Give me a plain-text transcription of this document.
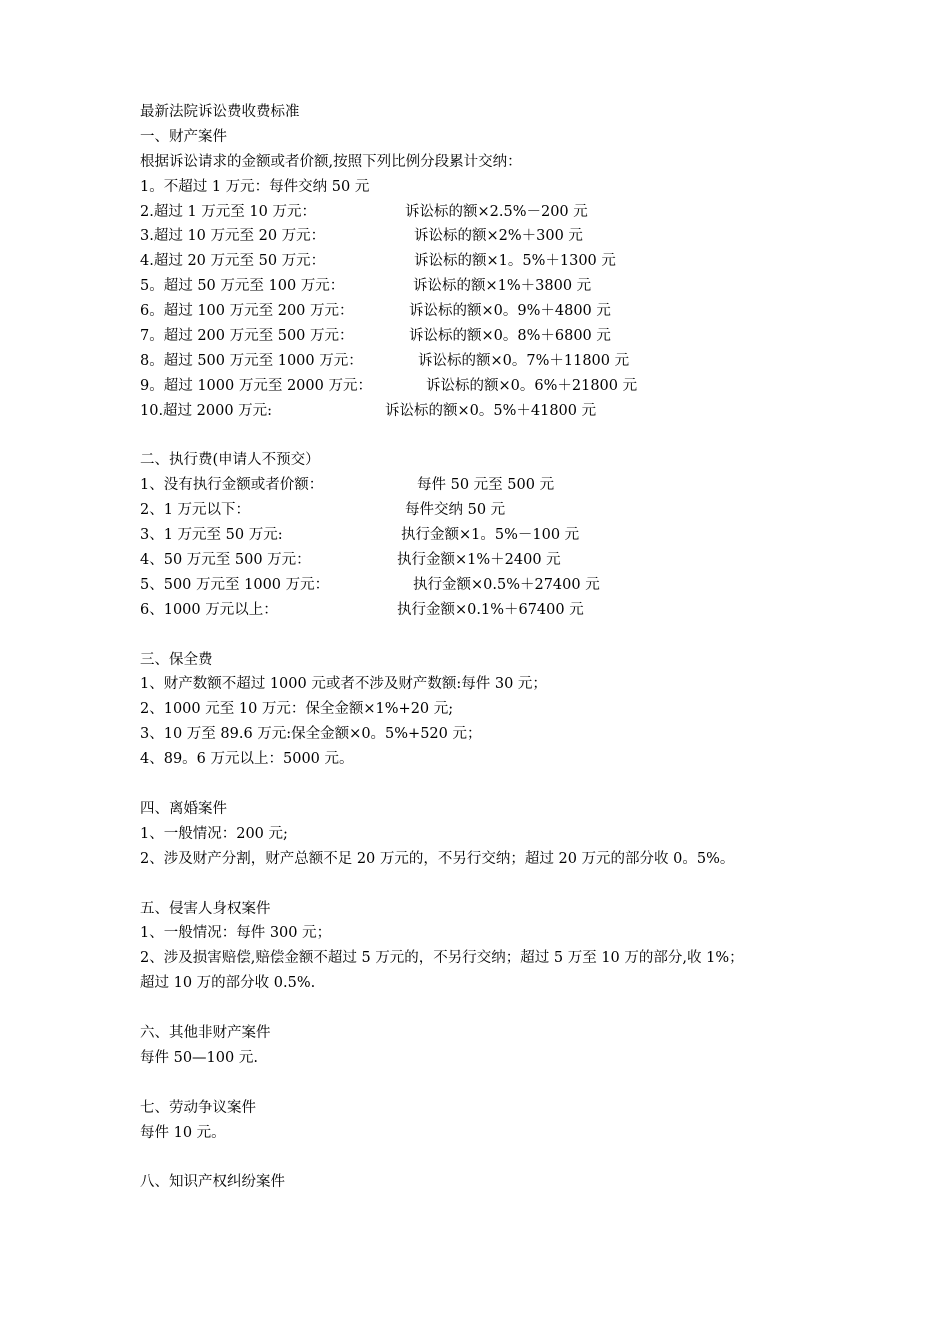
最新法院诉讼费收费标准
一、财产案件
根据诉讼请求的金额或者价额,按照下列比例分段累计交纳：
1。不超过 1 万元：每件交纳 50 元
2.超过 1 万元至 10 万元：	诉讼标的额×2.5%－200 元
3.超过 10 万元至 20 万元：	诉讼标的额×2%＋300 元
4.超过 20 万元至 50 万元：	诉讼标的额×1。5%＋1300 元
5。超过 50 万元至 100 万元：	诉讼标的额×1%＋3800 元
6。超过 100 万元至 200 万元：	诉讼标的额×0。9%＋4800 元
7。超过 200 万元至 500 万元：	诉讼标的额×0。8%＋6800 元
8。超过 500 万元至 1000 万元：	诉讼标的额×0。7%＋11800 元
9。超过 1000 万元至 2000 万元：	诉讼标的额×0。6%＋21800 元
10.超过 2000 万元:	诉讼标的额×0。5%＋41800 元
二、执行费(申请人不预交）
1、没有执行金额或者价额：	每件 50 元至 500 元
2、1 万元以下：	每件交纳 50 元
3、1 万元至 50 万元:	执行金额×1。5%－100 元
4、50 万元至 500 万元：	执行金额×1%＋2400 元
5、500 万元至 1000 万元：	执行金额×0.5%＋27400 元
6、1000 万元以上：	执行金额×0.1%＋67400 元
三、保全费
1、财产数额不超过 1000 元或者不涉及财产数额:每件 30 元；
2、1000 元至 10 万元：保全金额×1%+20 元;
3、10 万至 89.6 万元:保全金额×0。5%+520 元；
4、89。6 万元以上：5000 元。
四、离婚案件
1、一般情况：200 元;
2、涉及财产分割，财产总额不足 20 万元的，不另行交纳；超过 20 万元的部分收 0。5%。
五、侵害人身权案件
1、一般情况：每件 300 元；
2、涉及损害赔偿,赔偿金额不超过 5 万元的，不另行交纳；超过 5 万至 10 万的部分,收 1%；
超过 10 万的部分收 0.5%.
六、其他非财产案件
每件 50—100 元.
七、劳动争议案件
每件 10 元。
八、知识产权纠纷案件
